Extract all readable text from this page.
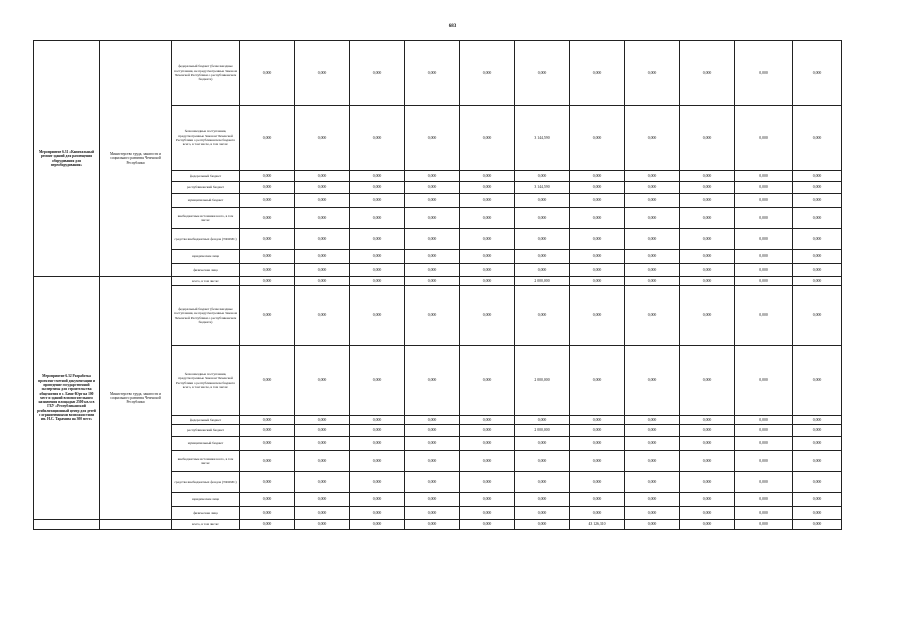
683
Мероприятие 6.31 «Капитальный ремонт зданий для размещения оборудования для переоборудования»	Министерство труда, занятости и социального развития Чеченской Республики	федеральный бюджет (безвозмездные поступления, не предусмотренные Законом Чеченской Республики о республиканском бюджете)	0,000	0,000	0,000	0,000	0,000	0,000	0,000	0,000	0,000	0,000	0,000
		безвозмездные поступления, предусмотренные Законом Чеченской Республики о республиканском бюджете всего, в том числе, в том числе:	0,000	0,000	0,000	0,000	0,000	3 144,590	0,000	0,000	0,000	0,000	0,000
		федеральный бюджет	0,000	0,000	0,000	0,000	0,000	0,000	0,000	0,000	0,000	0,000	0,000
		республиканский бюджет	0,000	0,000	0,000	0,000	0,000	3 144,590	0,000	0,000	0,000	0,000	0,000
		муниципальный бюджет	0,000	0,000	0,000	0,000	0,000	0,000	0,000	0,000	0,000	0,000	0,000
		внебюджетные источники всего, в том числе:	0,000	0,000	0,000	0,000	0,000	0,000	0,000	0,000	0,000	0,000	0,000
		средства внебюджетных фондов (ТФОМС)	0,000	0,000	0,000	0,000	0,000	0,000	0,000	0,000	0,000	0,000	0,000
		юридические лица	0,000	0,000	0,000	0,000	0,000	0,000	0,000	0,000	0,000	0,000	0,000
		физические лица	0,000	0,000	0,000	0,000	0,000	0,000	0,000	0,000	0,000	0,000	0,000
Мероприятие 6.32 Разработка проектно-сметной документации и проведение государственной экспертизы для строительства общежития в с. Бачи-Юрт на 100 мест и зданий вспомогательного назначения площадью 2500 кв.м в ГБУ «Республиканский реабилитационный центр для детей с ограниченными возможностями им. Н.С. Тарамова на 300 мест»	Министерство труда, занятости и социального развития Чеченской Республики	всего, в том числе:	0,000	0,000	0,000	0,000	0,000	2 000,000	0,000	0,000	0,000	0,000	0,000
		федеральный бюджет (безвозмездные поступления, не предусмотренные Законом Чеченской Республики о республиканском бюджете)	0,000	0,000	0,000	0,000	0,000	0,000	0,000	0,000	0,000	0,000	0,000
		безвозмездные поступления, предусмотренные Законом Чеченской Республики о республиканском бюджете всего, в том числе, в том числе:	0,000	0,000	0,000	0,000	0,000	2 000,000	0,000	0,000	0,000	0,000	0,000
		федеральный бюджет	0,000	0,000	0,000	0,000	0,000	0,000	0,000	0,000	0,000	0,000	0,000
		республиканский бюджет	0,000	0,000	0,000	0,000	0,000	2 000,000	0,000	0,000	0,000	0,000	0,000
		муниципальный бюджет	0,000	0,000	0,000	0,000	0,000	0,000	0,000	0,000	0,000	0,000	0,000
		внебюджетные источники всего, в том числе:	0,000	0,000	0,000	0,000	0,000	0,000	0,000	0,000	0,000	0,000	0,000
		средства внебюджетных фондов (ТФОМС)	0,000	0,000	0,000	0,000	0,000	0,000	0,000	0,000	0,000	0,000	0,000
		юридические лица	0,000	0,000	0,000	0,000	0,000	0,000	0,000	0,000	0,000	0,000	0,000
		физические лица	0,000	0,000	0,000	0,000	0,000	0,000	0,000	0,000	0,000	0,000	0,000
		всего, в том числе:	0,000	0,000	0,000	0,000	0,000	0,000	43 126,310	0,000	0,000	0,000	0,000
